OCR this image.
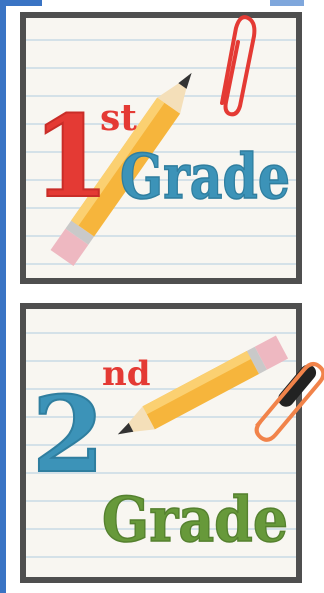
1
st
Grade
2
nd
Grade
